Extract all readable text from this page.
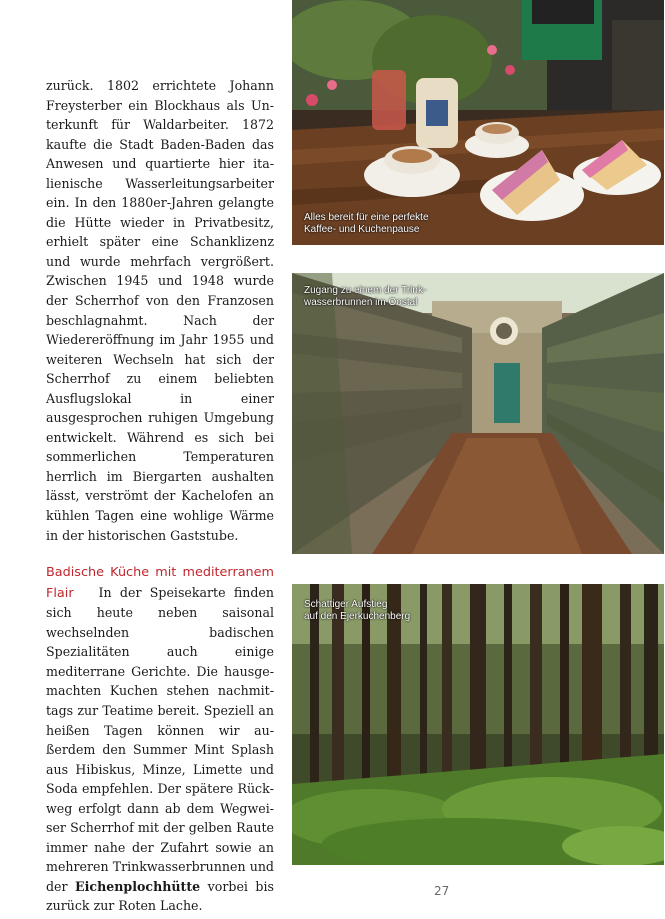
zurück. 1802 errichtete Johann Freysterber ein Blockhaus als Unterkunft für Waldarbeiter. 1872 kaufte die Stadt Baden-Baden das Anwesen und quartierte hier italienische Wasserleitungsarbeiter ein. In den 1880er-Jahren gelangte die Hütte wieder in Privatbesitz, erhielt später eine Schanklizenz und wurde mehrfach vergrößert. Zwischen 1945 und 1948 wurde der Scherrhof von den Franzosen beschlagnahmt. Nach der Wiedereröffnung im Jahr 1955 und weiteren Wechseln hat sich der Scherrhof zu einem beliebten Ausflugslokal in einer ausgesprochen ruhigen Umgebung entwickelt. Während es sich bei sommerlichen Temperaturen herrlich im Biergarten aushalten lässt, verströmt der Kachelofen an kühlen Tagen eine wohlige Wärme in der historischen Gaststube.

Badische Küche mit mediterranem Flair In der Speisekarte finden sich heute neben saisonal wechselnden badischen Spezialitäten auch einige mediterrane Gerichte. Die hausgemachten Kuchen stehen nachmittags zur Teatime bereit. Speziell an heißen Tagen können wir außerdem den Summer Mint Splash aus Hibiskus, Minze, Limette und Soda empfehlen. Der spätere Rückweg erfolgt dann ab dem Wegweiser Scherrhof mit der gelben Raute immer nahe der Zufahrt sowie an mehreren Trinkwasserbrunnen und der Eichenplochhütte vorbei bis zurück zur Roten Lache.

Alles bereit für eine perfekte
Kaffee- und Kuchenpause
Zugang zu einem der Trink-
wasserbrunnen im Oostal
Schattiger Aufstieg
auf den Ejerkuchenberg
27
